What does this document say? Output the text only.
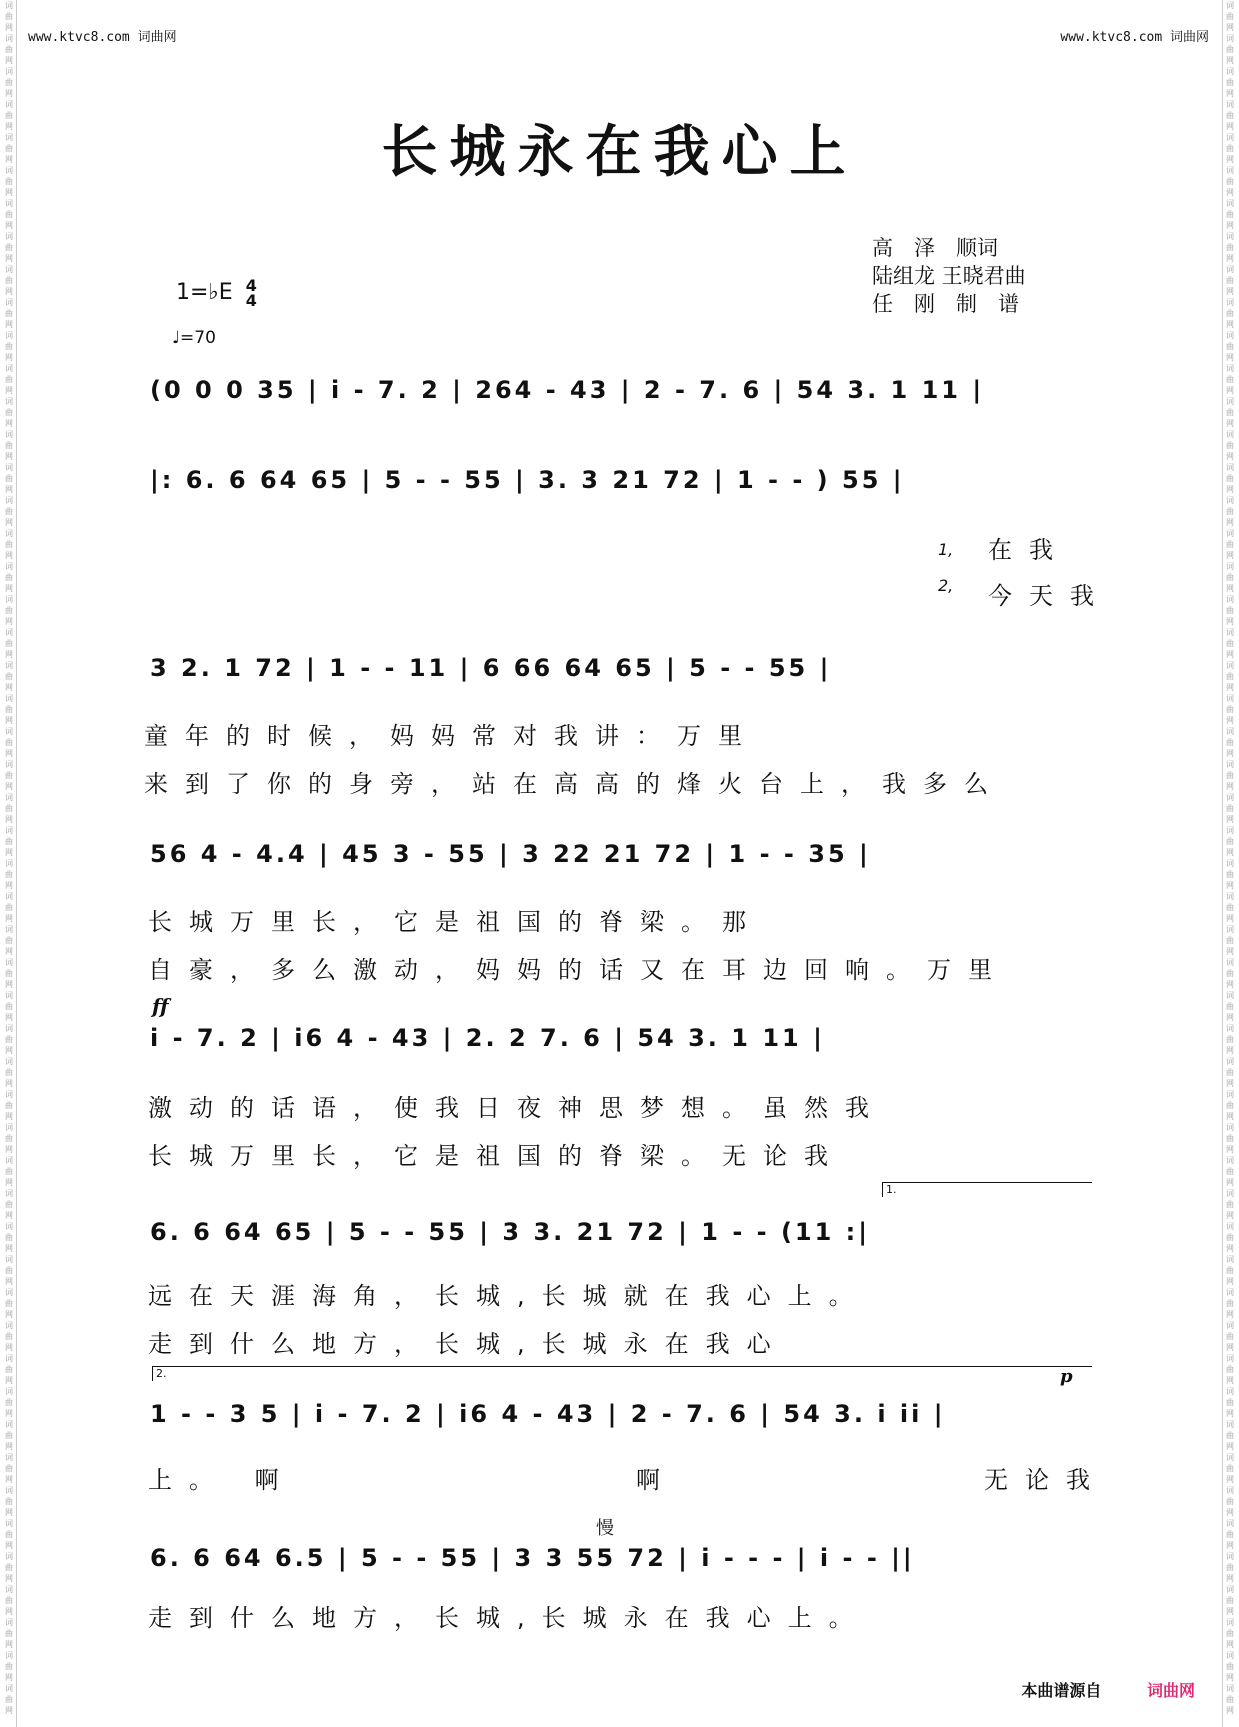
词曲网词曲网词曲网词曲网词曲网词曲网词曲网词曲网词曲网词曲网词曲网词曲网词曲网词曲网词曲网词曲网词曲网词曲网词曲网词曲网词曲网词曲网词曲网词曲网词曲网词曲网词曲网词曲网词曲网词曲网词曲网词曲网词曲网词曲网词曲网词曲网词曲网词曲网词曲网词曲网词曲网词曲网词曲网词曲网词曲网词曲网词曲网词曲网词曲网词曲网词曲网词曲网
词曲网词曲网词曲网词曲网词曲网词曲网词曲网词曲网词曲网词曲网词曲网词曲网词曲网词曲网词曲网词曲网词曲网词曲网词曲网词曲网词曲网词曲网词曲网词曲网词曲网词曲网词曲网词曲网词曲网词曲网词曲网词曲网词曲网词曲网词曲网词曲网词曲网词曲网词曲网词曲网词曲网词曲网词曲网词曲网词曲网词曲网词曲网词曲网词曲网词曲网词曲网词曲网
www.ktvc8.com 词曲网	www.ktvc8.com 词曲网
长城永在我心上
高　泽　顺词
陆组龙 王晓君曲
任　刚　制　谱
1=♭E 4
4
♩=70
(0 0 0 35 | i - 7. 2 | 264 - 43 | 2 - 7. 6 | 54 3. 1 11 |
|: 6. 6 64 65 | 5 - - 55 | 3. 3 21 72 | 1 - - ) 55 |
1, 在我
2, 今天我
3 2. 1 72 | 1 - - 11 | 6 66 64 65 | 5 - - 55 |
童年的时候，妈妈常对我讲：万里
来到了你的身旁，站在高高的烽火台上，我多么
56 4 - 4.4 | 45 3 - 55 | 3 22 21 72 | 1 - - 35 |
长城万里长，它是祖国的脊梁。那
自豪，多么激动，妈妈的话又在耳边回响。万里
ff
i - 7. 2 | i6 4 - 43 | 2. 2 7. 6 | 54 3. 1 11 |
激动的话语，使我日夜神思梦想。虽然我
长城万里长，它是祖国的脊梁。无论我
1.
6. 6 64 65 | 5 - - 55 | 3 3. 21 72 | 1 - - (11 :|
远在天涯海角，长城,长城就在我心上。
走到什么地方，长城,长城永在我心
2.	p
1 - - 3 5 | i - 7. 2 | i6 4 - 43 | 2 - 7. 6 | 54 3. i ii |
上。 啊	啊	无论我
慢
6. 6 64 6.5 | 5 - - 55 | 3 3 55 72 | i - - - | i - - ||
走到什么地方，长城,长城永在我心上。
本曲谱源自	词曲网
